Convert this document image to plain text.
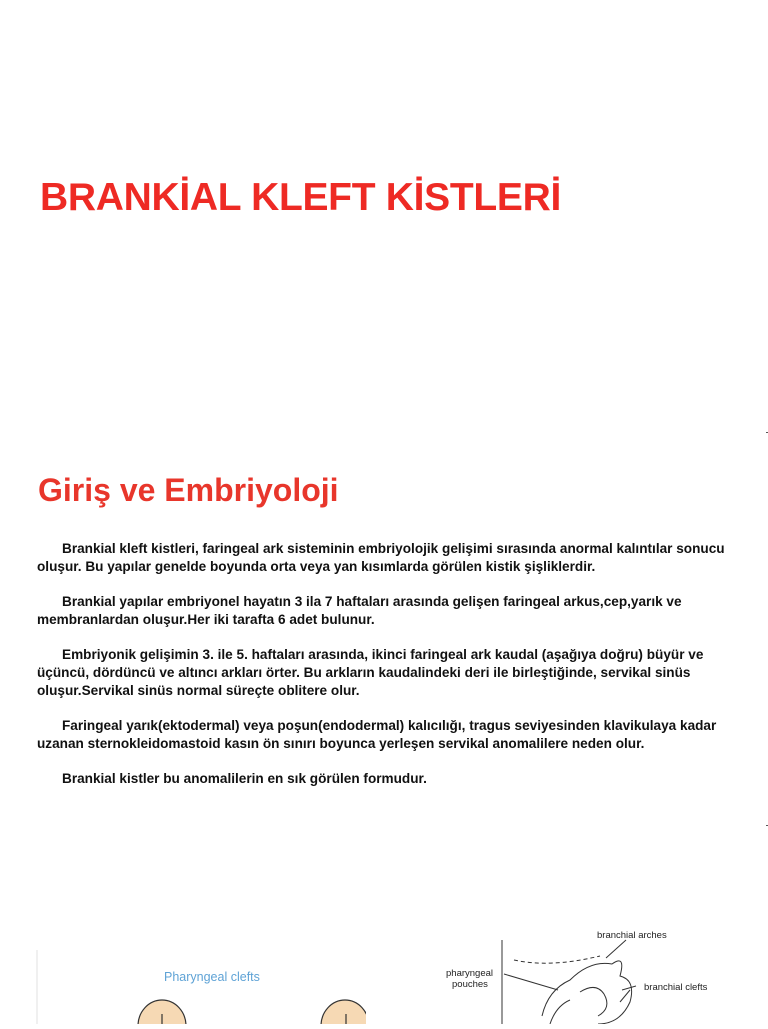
BRANKİAL KLEFT KİSTLERİ
Giriş ve Embriyoloji

Brankial kleft kistleri, faringeal ark sisteminin embriyolojik gelişimi sırasında anormal kalıntılar sonucu oluşur. Bu yapılar genelde boyunda orta veya yan kısımlarda görülen kistik şişliklerdir.

Brankial yapılar embriyonel hayatın 3 ila 7 haftaları arasında gelişen faringeal arkus,cep,yarık ve membranlardan oluşur.Her iki tarafta 6 adet bulunur.

Embriyonik gelişimin 3. ile 5. haftaları arasında, ikinci faringeal ark kaudal (aşağıya doğru) büyür ve üçüncü, dördüncü ve altıncı arkları örter. Bu arkların kaudalindeki deri ile birleştiğinde, servikal sinüs oluşur.Servikal sinüs normal süreçte oblitere olur.

Faringeal yarık(ektodermal) veya poşun(endodermal) kalıcılığı, tragus seviyesinden klavikulaya kadar uzanan sternokleidomastoid kasın ön sınırı boyunca yerleşen servikal anomalilere neden olur.

Brankial kistler bu anomalilerin en sık görülen formudur.

Pharyngeal clefts
branchial arches
pharyngeal
pouches	branchial clefts
